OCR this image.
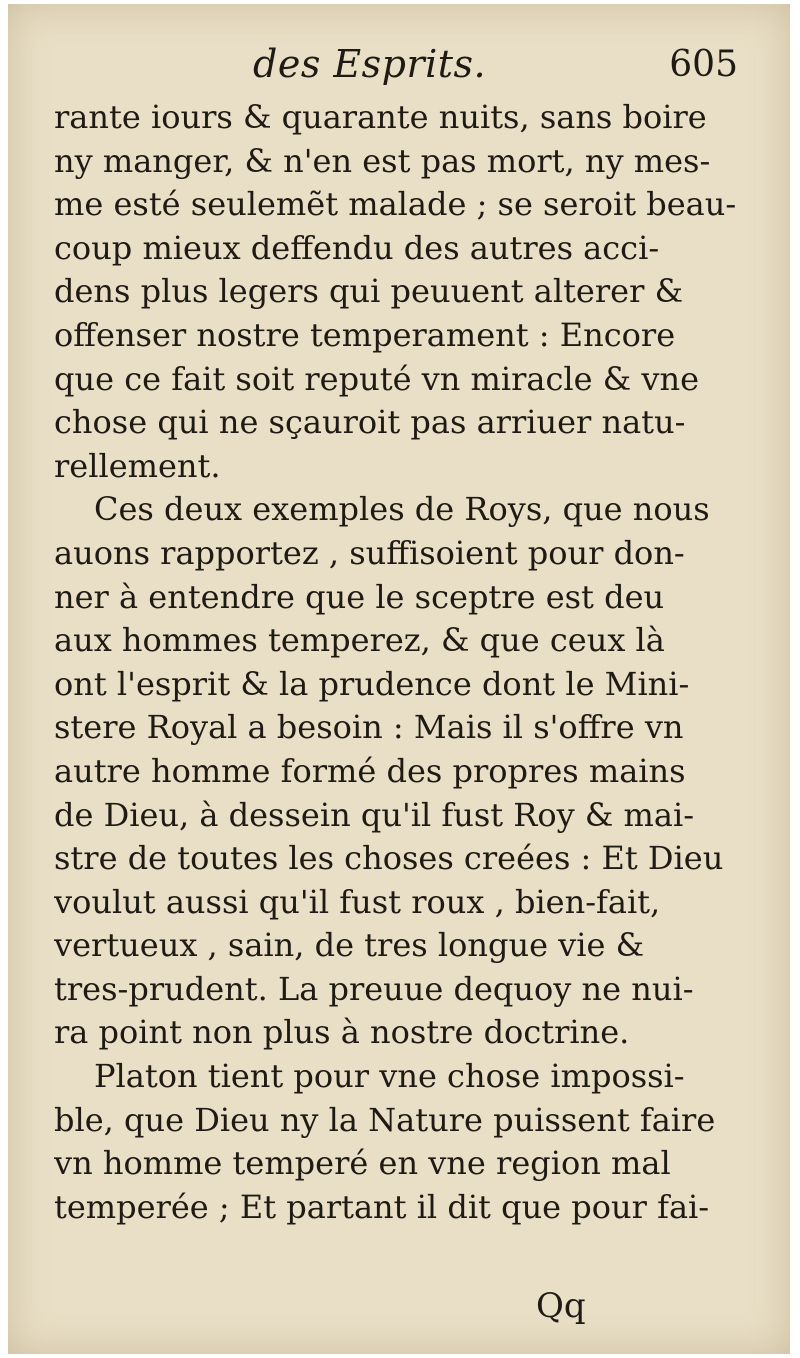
des Esprits.	605
rante iours & quarante nuits, sans boire
ny manger, & n'en est pas mort, ny mes-
me esté seulemẽt malade ; se seroit beau-
coup mieux deffendu des autres acci-
dens plus legers qui peuuent alterer &
offenser nostre temperament : Encore
que ce fait soit reputé vn miracle & vne
chose qui ne sçauroit pas arriuer natu-
rellement.
Ces deux exemples de Roys, que nous
auons rapportez , suffisoient pour don-
ner à entendre que le sceptre est deu
aux hommes temperez, & que ceux là
ont l'esprit & la prudence dont le Mini-
stere Royal a besoin : Mais il s'offre vn
autre homme formé des propres mains
de Dieu, à dessein qu'il fust Roy & mai-
stre de toutes les choses creées : Et Dieu
voulut aussi qu'il fust roux , bien-fait,
vertueux , sain, de tres longue vie &
tres-prudent. La preuue dequoy ne nui-
ra point non plus à nostre doctrine.
Platon tient pour vne chose impossi-
ble, que Dieu ny la Nature puissent faire
vn homme temperé en vne region mal
temperée ; Et partant il dit que pour fai-
Qq
